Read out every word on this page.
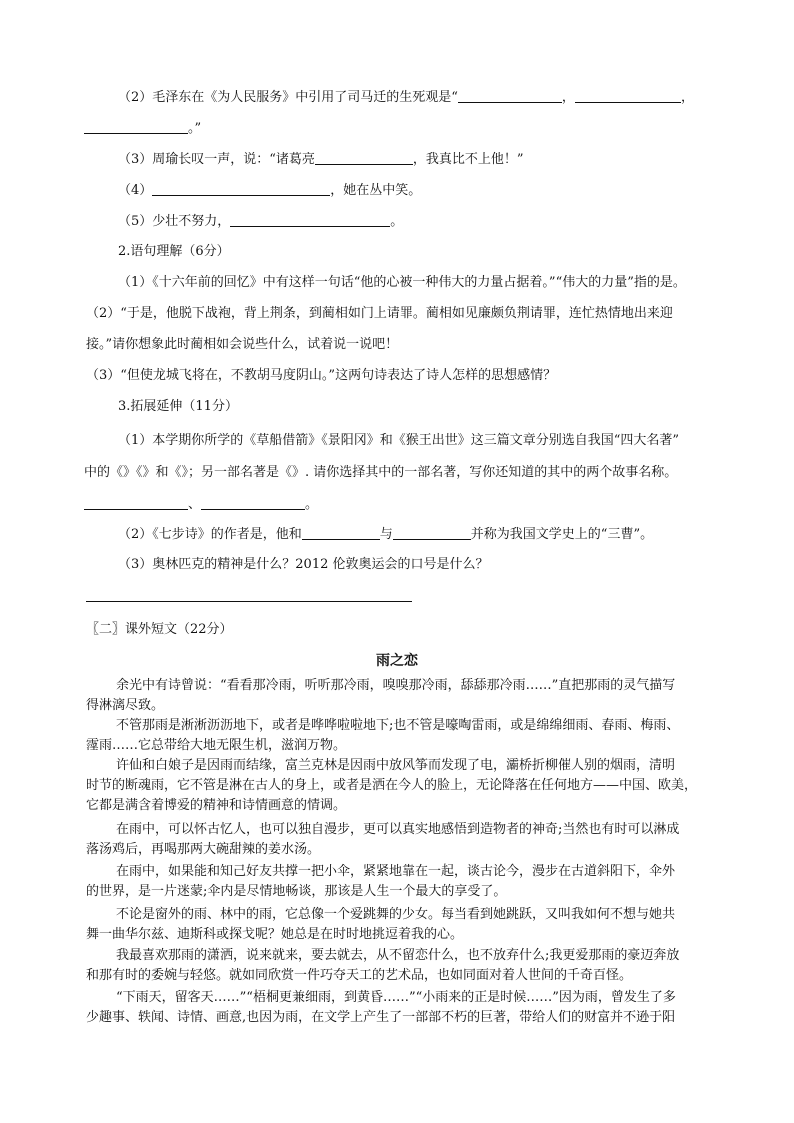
（2）毛泽东在《为人民服务》中引用了司马迁的生死观是“	，	，
。”
（3）周瑜长叹一声，说：“诸葛亮	，我真比不上他！”
（4）	，她在丛中笑。
（5）少壮不努力，	。
2.语句理解（6分）
（1）《十六年前的回忆》中有这样一句话“他的心被一种伟大的力量占据着。”“伟大的力量”指的是。
（2）“于是，他脱下战袍，背上荆条，到蔺相如门上请罪。蔺相如见廉颇负荆请罪，连忙热情地出来迎
接。”请你想象此时蔺相如会说些什么，试着说一说吧！
（3）“但使龙城飞将在，不教胡马度阴山。”这两句诗表达了诗人怎样的思想感情？
3.拓展延伸（11分）
（1）本学期你所学的《草船借箭》《景阳冈》和《猴王出世》这三篇文章分别选自我国“四大名著”
中的《》《》和《》；另一部名著是《》. 请你选择其中的一部名著，写你还知道的其中的两个故事名称。
、	。
（2）《七步诗》的作者是，他和	与	并称为我国文学史上的“三曹”。
（3）奥林匹克的精神是什么？2012 伦敦奥运会的口号是什么？
〖二〗课外短文（22分）
雨之恋
余光中有诗曾说：“看看那冷雨，听听那冷雨，嗅嗅那冷雨，舔舔那冷雨……”直把那雨的灵气描写
得淋漓尽致。
不管那雨是淅淅沥沥地下，或者是哗哗啦啦地下;也不管是嚎啕雷雨，或是绵绵细雨、春雨、梅雨、
霪雨……它总带给大地无限生机，滋润万物。
许仙和白娘子是因雨而结缘，富兰克林是因雨中放风筝而发现了电，灞桥折柳催人别的烟雨，清明
时节的断魂雨，它不管是淋在古人的身上，或者是洒在今人的脸上，无论降落在任何地方——中国、欧美，
它都是满含着博爱的精神和诗情画意的情调。
在雨中，可以怀古忆人，也可以独自漫步，更可以真实地感悟到造物者的神奇;当然也有时可以淋成
落汤鸡后，再喝那两大碗甜辣的姜水汤。
在雨中，如果能和知己好友共撑一把小伞，紧紧地靠在一起，谈古论今，漫步在古道斜阳下，伞外
的世界，是一片迷蒙;伞内是尽情地畅谈，那该是人生一个最大的享受了。
不论是窗外的雨、林中的雨，它总像一个爱跳舞的少女。每当看到她跳跃，又叫我如何不想与她共
舞一曲华尔兹、迪斯科或探戈呢？她总是在时时地挑逗着我的心。
我最喜欢那雨的潇洒，说来就来，要去就去，从不留恋什么，也不放弃什么;我更爱那雨的豪迈奔放
和那有时的委婉与轻悠。就如同欣赏一件巧夺天工的艺术品，也如同面对着人世间的千奇百怪。
“下雨天，留客天……”“梧桐更兼细雨，到黄昏……”“小雨来的正是时候……”因为雨，曾发生了多
少趣事、轶闻、诗情、画意,也因为雨，在文学上产生了一部部不朽的巨著，带给人们的财富并不逊于阳
